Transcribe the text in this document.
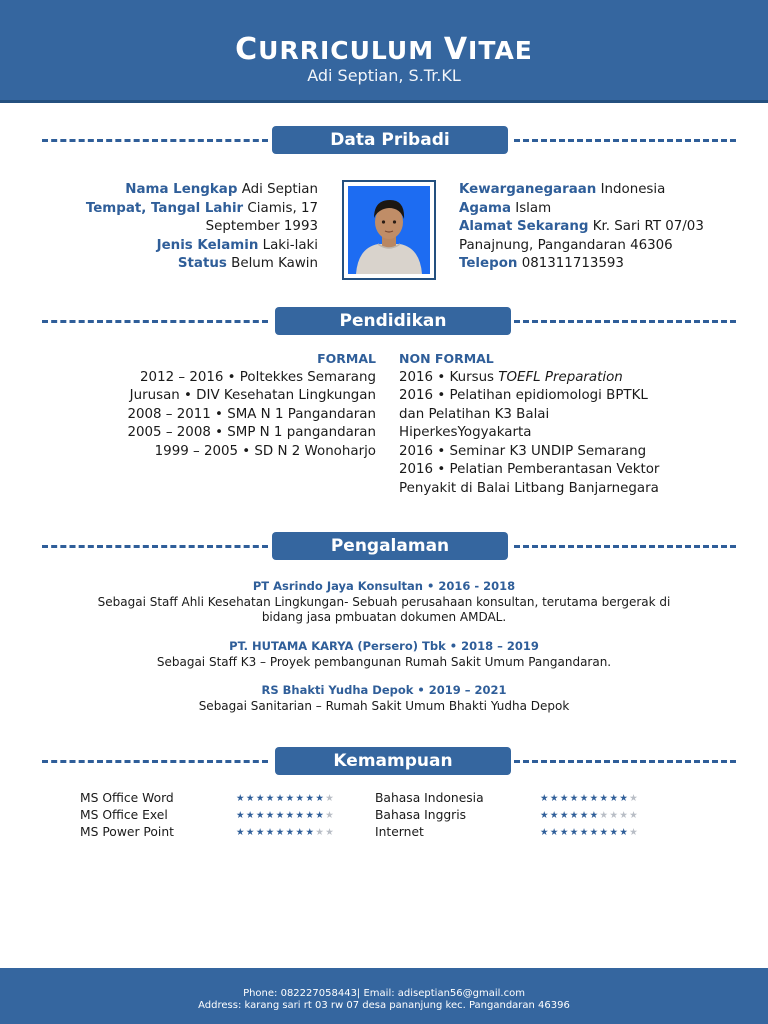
CURRICULUM VITAE
Adi Septian, S.Tr.KL
Data Pribadi
Nama Lengkap Adi Septian
Tempat, Tangal Lahir Ciamis, 17
September 1993
Jenis Kelamin Laki-laki
Status Belum Kawin
Kewarganegaraan Indonesia
Agama Islam
Alamat Sekarang Kr. Sari RT 07/03
Panajnung, Pangandaran 46306
Telepon 081311713593
Pendidikan
FORMAL
2012 – 2016 • Poltekkes Semarang
Jurusan • DIV Kesehatan Lingkungan
2008 – 2011 • SMA N 1 Pangandaran
2005 – 2008 • SMP N 1 pangandaran
1999 – 2005 • SD N 2 Wonoharjo
NON FORMAL
2016 • Kursus TOEFL Preparation
2016 • Pelatihan epidiomologi BPTKL
dan Pelatihan K3 Balai
HiperkesYogyakarta
2016 • Seminar K3 UNDIP Semarang
2016 • Pelatian Pemberantasan Vektor
Penyakit di Balai Litbang Banjarnegara
Pengalaman
PT Asrindo Jaya Konsultan • 2016 - 2018
Sebagai Staff Ahli Kesehatan Lingkungan- Sebuah perusahaan konsultan, terutama bergerak di
bidang jasa pmbuatan dokumen AMDAL.
PT. HUTAMA KARYA (Persero) Tbk • 2018 – 2019
Sebagai Staff K3 – Proyek pembangunan Rumah Sakit Umum Pangandaran.
RS Bhakti Yudha Depok • 2019 – 2021
Sebagai Sanitarian – Rumah Sakit Umum Bhakti Yudha Depok
Kemampuan
MS Office Word
MS Office Exel
MS Power Point
★★★★★★★★★★
★★★★★★★★★★
★★★★★★★★★★
Bahasa Indonesia
Bahasa Inggris
Internet
★★★★★★★★★★
★★★★★★★★★★
★★★★★★★★★★
Phone: 082227058443| Email: adiseptian56@gmail.com
Address: karang sari rt 03 rw 07 desa pananjung kec. Pangandaran 46396
